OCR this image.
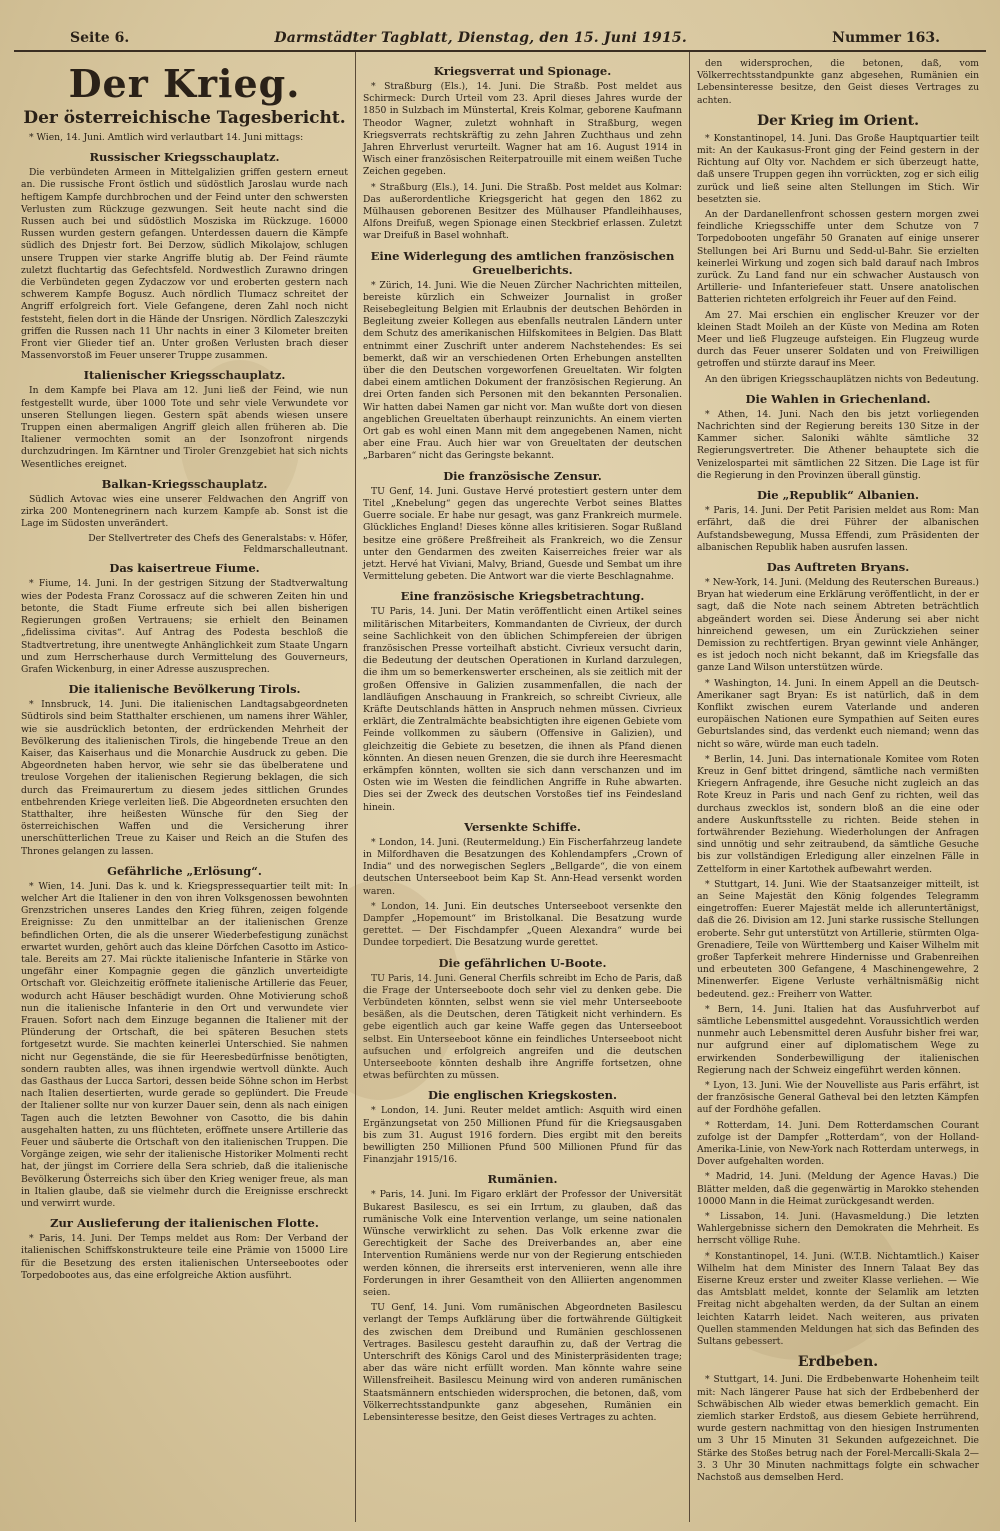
Seite 6.	Darmstädter Tagblatt, Dienstag, den 15. Juni 1915.	Nummer 163.
Der Krieg.
Der österreichische Tagesbericht.

* Wien, 14. Juni. Amtlich wird verlautbart 14. Juni mittags:

Russischer Kriegsschauplatz.

Die verbündeten Armeen in Mittelgalizien griffen gestern erneut an. Die russische Front östlich und südöstlich Jaroslau wurde nach heftigem Kampfe durchbrochen und der Feind unter den schwersten Verlusten zum Rückzuge gezwungen. Seit heute nacht sind die Russen auch bei und südöstlich Mosziska im Rückzuge. 16000 Russen wurden gestern gefangen. Unterdessen dauern die Kämpfe südlich des Dnjestr fort. Bei Derzow, südlich Mikolajow, schlugen unsere Truppen vier starke Angriffe blutig ab. Der Feind räumte zuletzt fluchtartig das Gefechtsfeld. Nordwestlich Zurawno dringen die Verbündeten gegen Zydaczow vor und eroberten gestern nach schwerem Kampfe Bogusz. Auch nördlich Tlumacz schreitet der Angriff erfolgreich fort. Viele Gefangene, deren Zahl noch nicht feststeht, fielen dort in die Hände der Unsrigen. Nördlich Zaleszczyki griffen die Russen nach 11 Uhr nachts in einer 3 Kilometer breiten Front vier Glieder tief an. Unter großen Verlusten brach dieser Massenvorstoß im Feuer unserer Truppe zusammen.

Italienischer Kriegsschauplatz.

In dem Kampfe bei Plava am 12. Juni ließ der Feind, wie nun festgestellt wurde, über 1000 Tote und sehr viele Verwundete vor unseren Stellungen liegen. Gestern spät abends wiesen unsere Truppen einen abermaligen Angriff gleich allen früheren ab. Die Italiener vermochten somit an der Isonzofront nirgends durchzudringen. Im Kärntner und Tiroler Grenzgebiet hat sich nichts Wesentliches ereignet.

Balkan-Kriegsschauplatz.

Südlich Avtovac wies eine unserer Feldwachen den Angriff von zirka 200 Montenegrinern nach kurzem Kampfe ab. Sonst ist die Lage im Südosten unverändert.

Der Stellvertreter des Chefs des Generalstabs: v. Höfer, Feldmarschalleutnant.
Das kaisertreue Fiume.

* Fiume, 14. Juni. In der gestrigen Sitzung der Stadtverwaltung wies der Podesta Franz Corossacz auf die schweren Zeiten hin und betonte, die Stadt Fiume erfreute sich bei allen bisherigen Regierungen großen Vertrauens; sie erhielt den Beinamen „fidelissima civitas“. Auf Antrag des Podesta beschloß die Stadtvertretung, ihre unentwegte Anhänglichkeit zum Staate Ungarn und zum Herrscherhause durch Vermittelung des Gouverneurs, Grafen Wickenburg, in einer Adresse auszusprechen.

Die italienische Bevölkerung Tirols.

* Innsbruck, 14. Juni. Die italienischen Landtagsabgeordneten Südtirols sind beim Statthalter erschienen, um namens ihrer Wähler, wie sie ausdrücklich betonten, der erdrückenden Mehrheit der Bevölkerung des italienischen Tirols, die hingebende Treue an den Kaiser, das Kaiserhaus und die Monarchie Ausdruck zu geben. Die Abgeordneten haben hervor, wie sehr sie das übelberatene und treulose Vorgehen der italienischen Regierung beklagen, die sich durch das Freimaurertum zu diesem jedes sittlichen Grundes entbehrenden Kriege verleiten ließ. Die Abgeordneten ersuchten den Statthalter, ihre heißesten Wünsche für den Sieg der österreichischen Waffen und die Versicherung ihrer unerschütterlichen Treue zu Kaiser und Reich an die Stufen des Thrones gelangen zu lassen.

Gefährliche „Erlösung“.

* Wien, 14. Juni. Das k. und k. Kriegspressequartier teilt mit: In welcher Art die Italiener in den von ihren Volksgenossen bewohnten Grenzstrichen unseres Landes den Krieg führen, zeigen folgende Ereignisse: Zu den unmittelbar an der italienischen Grenze befindlichen Orten, die als die unserer Wiederbefestigung zunächst erwartet wurden, gehört auch das kleine Dörfchen Casotto im Astico-tale. Bereits am 27. Mai rückte italienische Infanterie in Stärke von ungefähr einer Kompagnie gegen die gänzlich unverteidigte Ortschaft vor. Gleichzeitig eröffnete italienische Artillerie das Feuer, wodurch acht Häuser beschädigt wurden. Ohne Motivierung schoß nun die italienische Infanterie in den Ort und verwundete vier Frauen. Sofort nach dem Einzuge begannen die Italiener mit der Plünderung der Ortschaft, die bei späteren Besuchen stets fortgesetzt wurde. Sie machten keinerlei Unterschied. Sie nahmen nicht nur Gegenstände, die sie für Heeresbedürfnisse benötigten, sondern raubten alles, was ihnen irgendwie wertvoll dünkte. Auch das Gasthaus der Lucca Sartori, dessen beide Söhne schon im Herbst nach Italien desertierten, wurde gerade so geplündert. Die Freude der Italiener sollte nur von kurzer Dauer sein, denn als nach einigen Tagen auch die letzten Bewohner von Casotto, die bis dahin ausgehalten hatten, zu uns flüchteten, eröffnete unsere Artillerie das Feuer und säuberte die Ortschaft von den italienischen Truppen. Die Vorgänge zeigen, wie sehr der italienische Historiker Molmenti recht hat, der jüngst im Corriere della Sera schrieb, daß die italienische Bevölkerung Österreichs sich über den Krieg weniger freue, als man in Italien glaube, daß sie vielmehr durch die Ereignisse erschreckt und verwirrt wurde.

Zur Auslieferung der italienischen Flotte.

* Paris, 14. Juni. Der Temps meldet aus Rom: Der Verband der italienischen Schiffskonstrukteure teile eine Prämie von 15000 Lire für die Besetzung des ersten italienischen Unterseebootes oder Torpedobootes aus, das eine erfolgreiche Aktion ausführt.

Kriegsverrat und Spionage.

* Straßburg (Els.), 14. Juni. Die Straßb. Post meldet aus Schirmeck: Durch Urteil vom 23. April dieses Jahres wurde der 1850 in Sulzbach im Münstertal, Kreis Kolmar, geborene Kaufmann Theodor Wagner, zuletzt wohnhaft in Straßburg, wegen Kriegsverrats rechtskräftig zu zehn Jahren Zuchthaus und zehn Jahren Ehrverlust verurteilt. Wagner hat am 16. August 1914 in Wisch einer französischen Reiterpatrouille mit einem weißen Tuche Zeichen gegeben.

* Straßburg (Els.), 14. Juni. Die Straßb. Post meldet aus Kolmar: Das außerordentliche Kriegsgericht hat gegen den 1862 zu Mülhausen geborenen Besitzer des Mülhauser Pfandleihhauses, Alfons Dreifuß, wegen Spionage einen Steckbrief erlassen. Zuletzt war Dreifuß in Basel wohnhaft.

Eine Widerlegung des amtlichen französischen Greuelberichts.

* Zürich, 14. Juni. Wie die Neuen Zürcher Nachrichten mitteilen, bereiste kürzlich ein Schweizer Journalist in großer Reisebegleitung Belgien mit Erlaubnis der deutschen Behörden in Begleitung zweier Kollegen aus ebenfalls neutralen Ländern unter dem Schutz des amerikanischen Hilfskomitees in Belgien. Das Blatt entnimmt einer Zuschrift unter anderem Nachstehendes: Es sei bemerkt, daß wir an verschiedenen Orten Erhebungen anstellten über die den Deutschen vorgeworfenen Greueltaten. Wir folgten dabei einem amtlichen Dokument der französischen Regierung. An drei Orten fanden sich Personen mit den bekannten Personalien. Wir hatten dabei Namen gar nicht vor. Man wußte dort von diesen angeblichen Greueltaten überhaupt reinzunichts. An einem vierten Ort gab es wohl einen Mann mit dem angegebenen Namen, nicht aber eine Frau. Auch hier war von Greueltaten der deutschen „Barbaren“ nicht das Geringste bekannt.

Die französische Zensur.

TU Genf, 14. Juni. Gustave Hervé protestiert gestern unter dem Titel „Knebelung“ gegen das ungerechte Verbot seines Blattes Guerre sociale. Er habe nur gesagt, was ganz Frankreich murmele. Glückliches England! Dieses könne alles kritisieren. Sogar Rußland besitze eine größere Preßfreiheit als Frankreich, wo die Zensur unter den Gendarmen des zweiten Kaiserreiches freier war als jetzt. Hervé hat Viviani, Malvy, Briand, Guesde und Sembat um ihre Vermittelung gebeten. Die Antwort war die vierte Beschlagnahme.

Eine französische Kriegsbetrachtung.

TU Paris, 14. Juni. Der Matin veröffentlicht einen Artikel seines militärischen Mitarbeiters, Kommandanten de Civrieux, der durch seine Sachlichkeit von den üblichen Schimpfereien der übrigen französischen Presse vorteilhaft absticht. Civrieux versucht darin, die Bedeutung der deutschen Operationen in Kurland darzulegen, die ihm um so bemerkenswerter erscheinen, als sie zeitlich mit der großen Offensive in Galizien zusammenfallen, die nach der landläufigen Anschauung in Frankreich, so schreibt Civrieux, alle Kräfte Deutschlands hätten in Anspruch nehmen müssen. Civrieux erklärt, die Zentralmächte beabsichtigten ihre eigenen Gebiete vom Feinde vollkommen zu säubern (Offensive in Galizien), und gleichzeitig die Gebiete zu besetzen, die ihnen als Pfand dienen könnten. An diesen neuen Grenzen, die sie durch ihre Heeresmacht erkämpfen könnten, wollten sie sich dann verschanzen und im Osten wie im Westen die feindlichen Angriffe in Ruhe abwarten. Dies sei der Zweck des deutschen Vorstoßes tief ins Feindesland hinein.

Versenkte Schiffe.

* London, 14. Juni. (Reutermeldung.) Ein Fischerfahrzeug landete in Milfordhaven die Besatzungen des Kohlendampfers „Crown of India“ und des norwegischen Seglers „Bellgarde“, die von einem deutschen Unterseeboot beim Kap St. Ann-Head versenkt worden waren.

* London, 14. Juni. Ein deutsches Unterseeboot versenkte den Dampfer „Hopemount“ im Bristolkanal. Die Besatzung wurde gerettet. — Der Fischdampfer „Queen Alexandra“ wurde bei Dundee torpediert. Die Besatzung wurde gerettet.

Die gefährlichen U-Boote.

TU Paris, 14. Juni. General Cherfils schreibt im Echo de Paris, daß die Frage der Unterseeboote doch sehr viel zu denken gebe. Die Verbündeten könnten, selbst wenn sie viel mehr Unterseeboote besäßen, als die Deutschen, deren Tätigkeit nicht verhindern. Es gebe eigentlich auch gar keine Waffe gegen das Unterseeboot selbst. Ein Unterseeboot könne ein feindliches Unterseeboot nicht aufsuchen und erfolgreich angreifen und die deutschen Unterseeboote könnten deshalb ihre Angriffe fortsetzen, ohne etwas befürchten zu müssen.

Die englischen Kriegskosten.

* London, 14. Juni. Reuter meldet amtlich: Asquith wird einen Ergänzungsetat von 250 Millionen Pfund für die Kriegsausgaben bis zum 31. August 1916 fordern. Dies ergibt mit den bereits bewilligten 250 Millionen Pfund 500 Millionen Pfund für das Finanzjahr 1915/16.

Rumänien.

* Paris, 14. Juni. Im Figaro erklärt der Professor der Universität Bukarest Basilescu, es sei ein Irrtum, zu glauben, daß das rumänische Volk eine Intervention verlange, um seine nationalen Wünsche verwirklicht zu sehen. Das Volk erkenne zwar die Gerechtigkeit der Sache des Dreiverbandes an, aber eine Intervention Rumäniens werde nur von der Regierung entschieden werden können, die ihrerseits erst intervenieren, wenn alle ihre Forderungen in ihrer Gesamtheit von den Alliierten angenommen seien.

TU Genf, 14. Juni. Vom rumänischen Abgeordneten Basilescu verlangt der Temps Aufklärung über die fortwährende Gültigkeit des zwischen dem Dreibund und Rumänien geschlossenen Vertrages. Basilescu gesteht daraufhin zu, daß der Vertrag die Unterschrift des Königs Carol und des Ministerpräsidenten trage; aber das wäre nicht erfüllt worden. Man könnte wahre seine Willensfreiheit. Basilescu Meinung wird von anderen rumänischen Staatsmännern entschieden widersprochen, die betonen, daß, vom Völkerrechtsstandpunkte ganz abgesehen, Rumänien ein Lebensinteresse besitze, den Geist dieses Vertrages zu achten.

den widersprochen, die betonen, daß, vom Völkerrechtsstandpunkte ganz abgesehen, Rumänien ein Lebensinteresse besitze, den Geist dieses Vertrages zu achten.

Der Krieg im Orient.

* Konstantinopel, 14. Juni. Das Große Hauptquartier teilt mit: An der Kaukasus-Front ging der Feind gestern in der Richtung auf Olty vor. Nachdem er sich überzeugt hatte, daß unsere Truppen gegen ihn vorrückten, zog er sich eilig zurück und ließ seine alten Stellungen im Stich. Wir besetzten sie.

An der Dardanellenfront schossen gestern morgen zwei feindliche Kriegsschiffe unter dem Schutze von 7 Torpedobooten ungefähr 50 Granaten auf einige unserer Stellungen bei Ari Burnu und Sedd-ul-Bahr. Sie erzielten keinerlei Wirkung und zogen sich bald darauf nach Imbros zurück. Zu Land fand nur ein schwacher Austausch von Artillerie- und Infanteriefeuer statt. Unsere anatolischen Batterien richteten erfolgreich ihr Feuer auf den Feind.

Am 27. Mai erschien ein englischer Kreuzer vor der kleinen Stadt Moileh an der Küste von Medina am Roten Meer und ließ Flugzeuge aufsteigen. Ein Flugzeug wurde durch das Feuer unserer Soldaten und von Freiwilligen getroffen und stürzte darauf ins Meer.

An den übrigen Kriegsschauplätzen nichts von Bedeutung.

Die Wahlen in Griechenland.

* Athen, 14. Juni. Nach den bis jetzt vorliegenden Nachrichten sind der Regierung bereits 130 Sitze in der Kammer sicher. Saloniki wählte sämtliche 32 Regierungsvertreter. Die Athener behauptete sich die Venizelospartei mit sämtlichen 22 Sitzen. Die Lage ist für die Regierung in den Provinzen überall günstig.

Die „Republik“ Albanien.

* Paris, 14. Juni. Der Petit Parisien meldet aus Rom: Man erfährt, daß die drei Führer der albanischen Aufstandsbewegung, Mussa Effendi, zum Präsidenten der albanischen Republik haben ausrufen lassen.

Das Auftreten Bryans.

* New-York, 14. Juni. (Meldung des Reuterschen Bureaus.) Bryan hat wiederum eine Erklärung veröffentlicht, in der er sagt, daß die Note nach seinem Abtreten beträchtlich abgeändert worden sei. Diese Änderung sei aber nicht hinreichend gewesen, um ein Zurückziehen seiner Demission zu rechtfertigen. Bryan gewinnt viele Anhänger, es ist jedoch noch nicht bekannt, daß im Kriegsfalle das ganze Land Wilson unterstützen würde.

* Washington, 14. Juni. In einem Appell an die Deutsch-Amerikaner sagt Bryan: Es ist natürlich, daß in dem Konflikt zwischen eurem Vaterlande und anderen europäischen Nationen eure Sympathien auf Seiten eures Geburtslandes sind, das verdenkt euch niemand; wenn das nicht so wäre, würde man euch tadeln.

* Berlin, 14. Juni. Das internationale Komitee vom Roten Kreuz in Genf bittet dringend, sämtliche nach vermißten Kriegern Anfragende, ihre Gesuche nicht zugleich an das Rote Kreuz in Paris und nach Genf zu richten, weil das durchaus zwecklos ist, sondern bloß an die eine oder andere Auskunftsstelle zu richten. Beide stehen in fortwährender Beziehung. Wiederholungen der Anfragen sind unnötig und sehr zeitraubend, da sämtliche Gesuche bis zur vollständigen Erledigung aller einzelnen Fälle in Zettelform in einer Kartothek aufbewahrt werden.

* Stuttgart, 14. Juni. Wie der Staatsanzeiger mitteilt, ist an Seine Majestät den König folgendes Telegramm eingetroffen: Euerer Majestät melde ich alleruntertänigst, daß die 26. Division am 12. Juni starke russische Stellungen eroberte. Sehr gut unterstützt von Artillerie, stürmten Olga-Grenadiere, Teile von Württemberg und Kaiser Wilhelm mit großer Tapferkeit mehrere Hindernisse und Grabenreihen und erbeuteten 300 Gefangene, 4 Maschinengewehre, 2 Minenwerfer. Eigene Verluste verhältnismäßig nicht bedeutend. gez.: Freiherr von Watter.

* Bern, 14. Juni. Italien hat das Ausfuhrverbot auf sämtliche Lebensmittel ausgedehnt. Voraussichtlich werden nunmehr auch Lebensmittel deren Ausfuhr bisher frei war, nur aufgrund einer auf diplomatischem Wege zu erwirkenden Sonderbewilligung der italienischen Regierung nach der Schweiz eingeführt werden können.

* Lyon, 13. Juni. Wie der Nouvelliste aus Paris erfährt, ist der französische General Gatheval bei den letzten Kämpfen auf der Fordhöhe gefallen.

* Rotterdam, 14. Juni. Dem Rotterdamschen Courant zufolge ist der Dampfer „Rotterdam“, von der Holland-Amerika-Linie, von New-York nach Rotterdam unterwegs, in Dover aufgehalten worden.

* Madrid, 14. Juni. (Meldung der Agence Havas.) Die Blätter melden, daß die gegenwärtig in Marokko stehenden 10000 Mann in die Heimat zurückgesandt werden.

* Lissabon, 14. Juni. (Havasmeldung.) Die letzten Wahlergebnisse sichern den Demokraten die Mehrheit. Es herrscht völlige Ruhe.

* Konstantinopel, 14. Juni. (W.T.B. Nichtamtlich.) Kaiser Wilhelm hat dem Minister des Innern Talaat Bey das Eiserne Kreuz erster und zweiter Klasse verliehen. — Wie das Amtsblatt meldet, konnte der Selamlik am letzten Freitag nicht abgehalten werden, da der Sultan an einem leichten Katarrh leidet. Nach weiteren, aus privaten Quellen stammenden Meldungen hat sich das Befinden des Sultans gebessert.

Erdbeben.

* Stuttgart, 14. Juni. Die Erdbebenwarte Hohenheim teilt mit: Nach längerer Pause hat sich der Erdbebenherd der Schwäbischen Alb wieder etwas bemerklich gemacht. Ein ziemlich starker Erdstoß, aus diesem Gebiete herrührend, wurde gestern nachmittag von den hiesigen Instrumenten um 3 Uhr 15 Minuten 31 Sekunden aufgezeichnet. Die Stärke des Stoßes betrug nach der Forel-Mercalli-Skala 2—3. 3 Uhr 30 Minuten nachmittags folgte ein schwacher Nachstoß aus demselben Herd.
